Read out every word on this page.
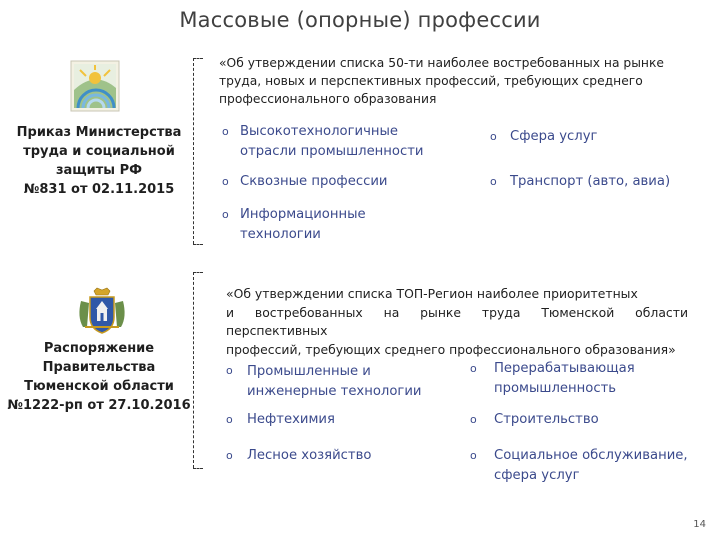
Массовые (опорные) профессии
Приказ Министерства
труда и социальной
защиты РФ
№831 от 02.11.2015
«Об утверждении списка 50-ти наиболее востребованных на рынке
труда, новых и перспективных профессий, требующих среднего
профессионального образования
o Высокотехнологичные
отрасли промышленности
o Сфера услуг
o Сквозные профессии	o Транспорт (авто, авиа)
o Информационные
технологии
Распоряжение
Правительства
Тюменской области
№1222-рп от 27.10.2016
«Об утверждении списка ТОП-Регион наиболее приоритетных
и востребованных на рынке труда Тюменской области перспективных
профессий, требующих среднего профессионального образования»
o Промышленные и
инженерные технологии
o Перерабатывающая
промышленность
o Нефтехимия	o Строительство
o Лесное хозяйство	o Социальное обслуживание,
сфера услуг
14
